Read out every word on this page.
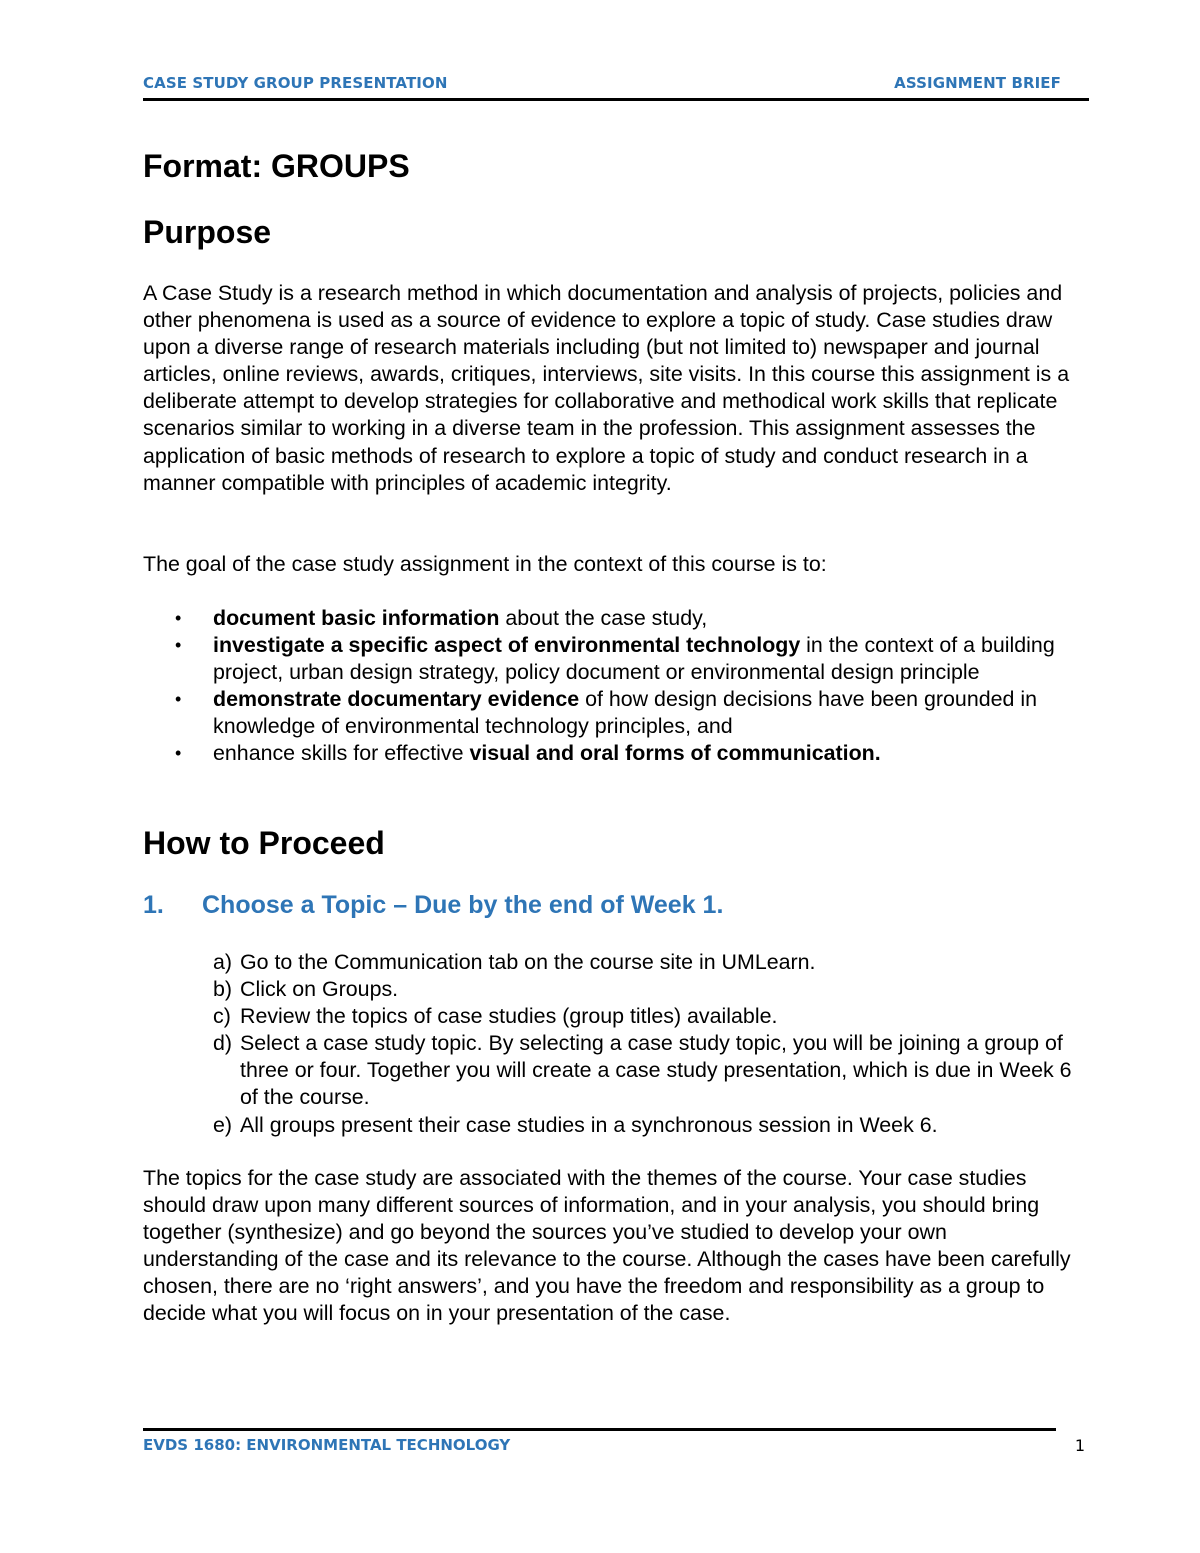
CASE STUDY GROUP PRESENTATION	ASSIGNMENT BRIEF
Format: GROUPS
Purpose

A Case Study is a research method in which documentation and analysis of projects, policies and other phenomena is used as a source of evidence to explore a topic of study. Case studies draw upon a diverse range of research materials including (but not limited to) newspaper and journal articles, online reviews, awards, critiques, interviews, site visits. In this course this assignment is a deliberate attempt to develop strategies for collaborative and methodical work skills that replicate scenarios similar to working in a diverse team in the profession. This assignment assesses the application of basic methods of research to explore a topic of study and conduct research in a manner compatible with principles of academic integrity.

The goal of the case study assignment in the context of this course is to:

• document basic information about the case study,
• investigate a specific aspect of environmental technology in the context of a building project, urban design strategy, policy document or environmental design principle
• demonstrate documentary evidence of how design decisions have been grounded in knowledge of environmental technology principles, and
• enhance skills for effective visual and oral forms of communication.
How to Proceed
1. Choose a Topic – Due by the end of Week 1.
a) Go to the Communication tab on the course site in UMLearn.
b) Click on Groups.
c) Review the topics of case studies (group titles) available.
d) Select a case study topic. By selecting a case study topic, you will be joining a group of three or four. Together you will create a case study presentation, which is due in Week 6 of the course.
e) All groups present their case studies in a synchronous session in Week 6.

The topics for the case study are associated with the themes of the course. Your case studies should draw upon many different sources of information, and in your analysis, you should bring together (synthesize) and go beyond the sources you’ve studied to develop your own understanding of the case and its relevance to the course. Although the cases have been carefully chosen, there are no ‘right answers’, and you have the freedom and responsibility as a group to decide what you will focus on in your presentation of the case.

EVDS 1680: ENVIRONMENTAL TECHNOLOGY	1
